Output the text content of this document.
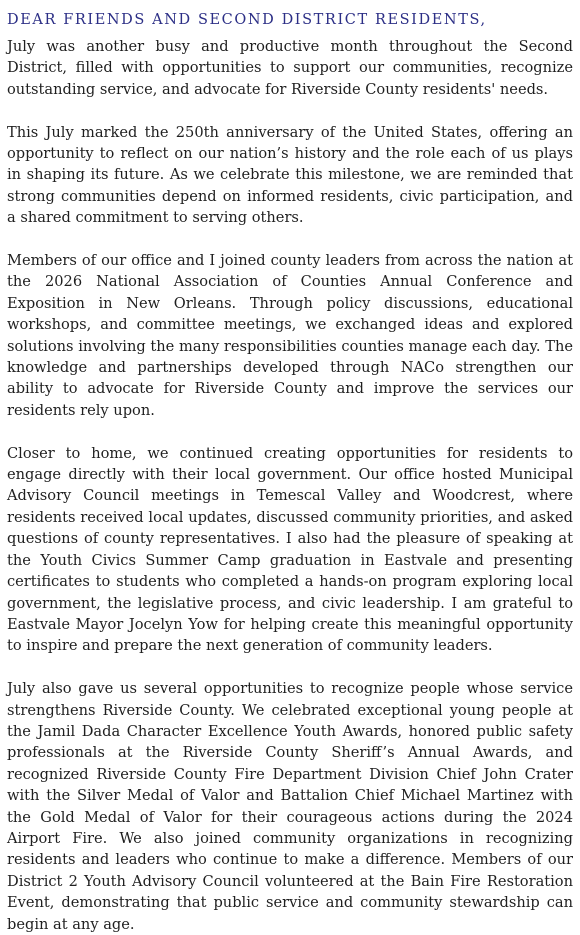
DEAR FRIENDS AND SECOND DISTRICT RESIDENTS,

July was another busy and productive month throughout the Second District, filled with opportunities to support our communities, recognize outstanding service, and advocate for Riverside County residents' needs.

This July marked the 250th anniversary of the United States, offering an opportunity to reflect on our nation’s history and the role each of us plays in shaping its future. As we celebrate this milestone, we are reminded that strong communities depend on informed residents, civic participation, and a shared commitment to serving others.

Members of our office and I joined county leaders from across the nation at the 2026 National Association of Counties Annual Conference and Exposition in New Orleans. Through policy discussions, educational workshops, and committee meetings, we exchanged ideas and explored solutions involving the many responsibilities counties manage each day. The knowledge and partnerships developed through NACo strengthen our ability to advocate for Riverside County and improve the services our residents rely upon.

Closer to home, we continued creating opportunities for residents to engage directly with their local government. Our office hosted Municipal Advisory Council meetings in Temescal Valley and Woodcrest, where residents received local updates, discussed community priorities, and asked questions of county representatives. I also had the pleasure of speaking at the Youth Civics Summer Camp graduation in Eastvale and presenting certificates to students who completed a hands-on program exploring local government, the legislative process, and civic leadership. I am grateful to Eastvale Mayor Jocelyn Yow for helping create this meaningful opportunity to inspire and prepare the next generation of community leaders.

July also gave us several opportunities to recognize people whose service strengthens Riverside County. We celebrated exceptional young people at the Jamil Dada Character Excellence Youth Awards, honored public safety professionals at the Riverside County Sheriff’s Annual Awards, and recognized Riverside County Fire Department Division Chief John Crater with the Silver Medal of Valor and Battalion Chief Michael Martinez with the Gold Medal of Valor for their courageous actions during the 2024 Airport Fire. We also joined community organizations in recognizing residents and leaders who continue to make a difference. Members of our District 2 Youth Advisory Council volunteered at the Bain Fire Restoration Event, demonstrating that public service and community stewardship can begin at any age.
